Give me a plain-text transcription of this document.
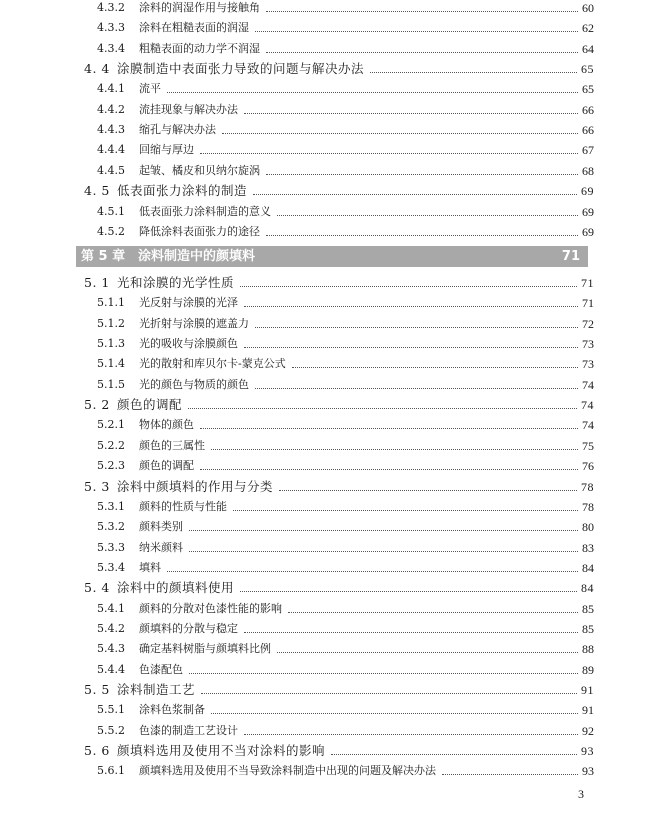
第 5 章 涂料制造中的颜填料	71
3
4.3.2 涂料的润湿作用与接触角	60
4.3.3 涂料在粗糙表面的润湿	62
4.3.4 粗糙表面的动力学不润湿	64
4. 4 涂膜制造中表面张力导致的问题与解决办法	65
4.4.1 流平	65
4.4.2 流挂现象与解决办法	66
4.4.3 缩孔与解决办法	66
4.4.4 回缩与厚边	67
4.4.5 起皱、橘皮和贝纳尔旋涡	68
4. 5 低表面张力涂料的制造	69
4.5.1 低表面张力涂料制造的意义	69
4.5.2 降低涂料表面张力的途径	69
5. 1 光和涂膜的光学性质	71
5.1.1 光反射与涂膜的光泽	71
5.1.2 光折射与涂膜的遮盖力	72
5.1.3 光的吸收与涂膜颜色	73
5.1.4 光的散射和库贝尔卡-蒙克公式	73
5.1.5 光的颜色与物质的颜色	74
5. 2 颜色的调配	74
5.2.1 物体的颜色	74
5.2.2 颜色的三属性	75
5.2.3 颜色的调配	76
5. 3 涂料中颜填料的作用与分类	78
5.3.1 颜料的性质与性能	78
5.3.2 颜料类别	80
5.3.3 纳米颜料	83
5.3.4 填料	84
5. 4 涂料中的颜填料使用	84
5.4.1 颜料的分散对色漆性能的影响	85
5.4.2 颜填料的分散与稳定	85
5.4.3 确定基料树脂与颜填料比例	88
5.4.4 色漆配色	89
5. 5 涂料制造工艺	91
5.5.1 涂料色浆制备	91
5.5.2 色漆的制造工艺设计	92
5. 6 颜填料选用及使用不当对涂料的影响	93
5.6.1 颜填料选用及使用不当导致涂料制造中出现的问题及解决办法	93
